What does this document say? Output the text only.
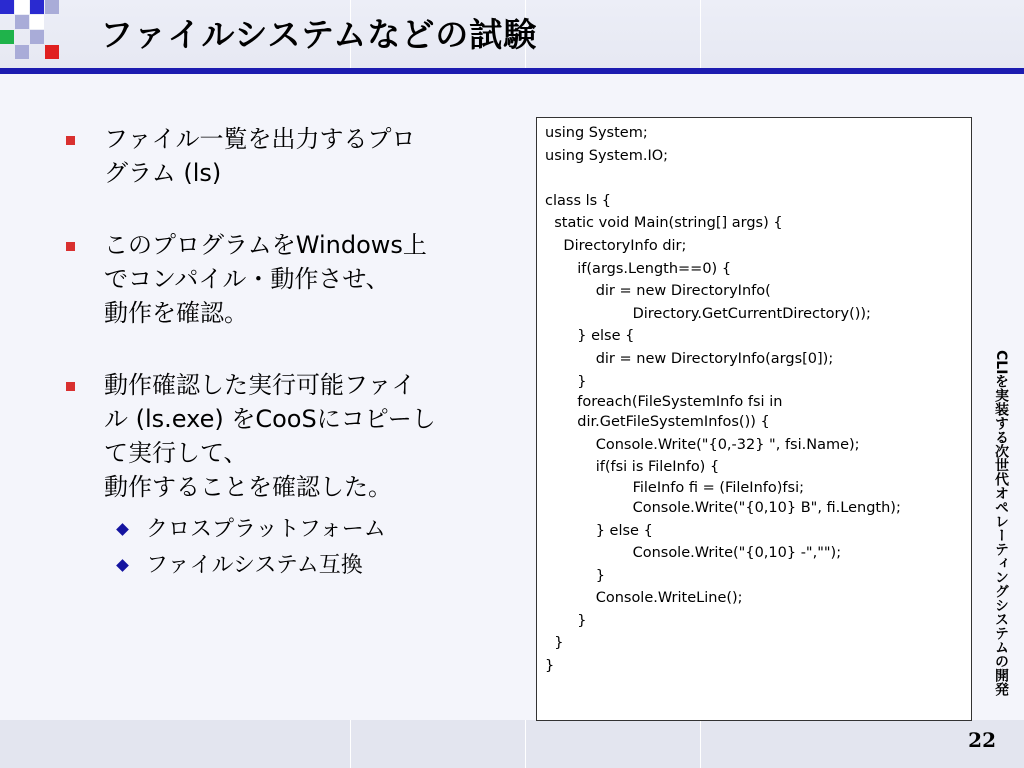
ファイルシステムなどの試験
ファイル一覧を出力するプロ
グラム (ls)
このプログラムをWindows上
でコンパイル・動作させ、
動作を確認。
動作確認した実行可能ファイ
ル (ls.exe) をCooSにコピーし
て実行して、
動作することを確認した。
クロスプラットフォーム
ファイルシステム互換
using System;
using System.IO;
class ls {
static void Main(string[] args) {
DirectoryInfo dir;
if(args.Length==0) {
dir = new DirectoryInfo(
Directory.GetCurrentDirectory());
} else {
dir = new DirectoryInfo(args[0]);
}
foreach(FileSystemInfo fsi in
dir.GetFileSystemInfos()) {
Console.Write("{0,-32} ", fsi.Name);
if(fsi is FileInfo) {
FileInfo fi = (FileInfo)fsi;
Console.Write("{0,10} B", fi.Length);
} else {
Console.Write("{0,10} -","");
}
Console.WriteLine();
}
}
}	CLIを実装する次世代オペレーティングシステムの開発
22
